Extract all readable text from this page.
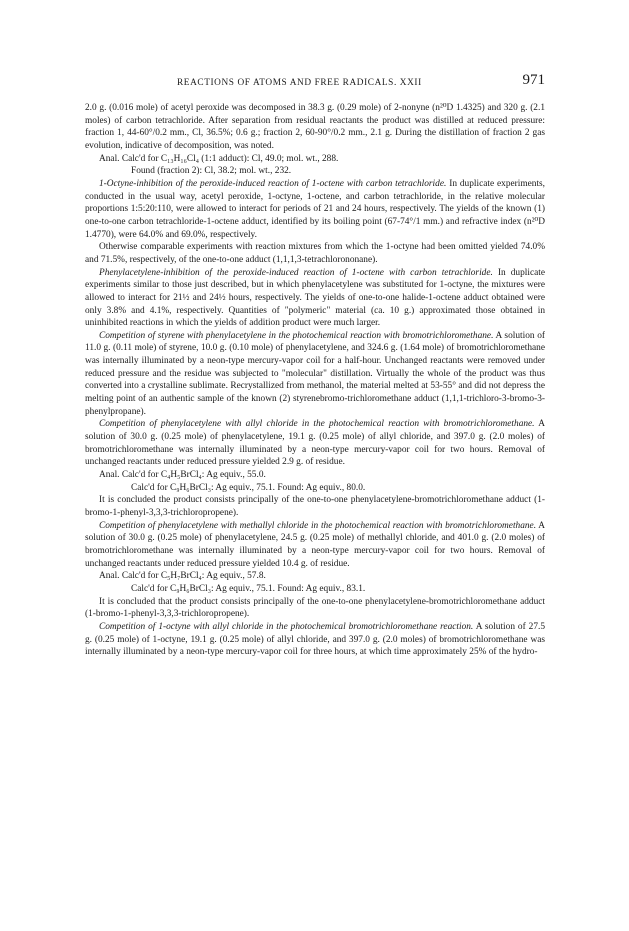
REACTIONS OF ATOMS AND FREE RADICALS. XXII	971

2.0 g. (0.016 mole) of acetyl peroxide was decomposed in 38.3 g. (0.29 mole) of 2-nonyne (n²⁰D 1.4325) and 320 g. (2.1 moles) of carbon tetrachloride. After separation from residual reactants the product was distilled at reduced pressure: fraction 1, 44-60°/0.2 mm., Cl, 36.5%; 0.6 g.; fraction 2, 60-90°/0.2 mm., 2.1 g. During the distillation of fraction 2 gas evolution, indicative of decomposition, was noted.

Anal. Calc'd for C₁₃H₁₆Cl₄ (1:1 adduct): Cl, 49.0; mol. wt., 288.

Found (fraction 2): Cl, 38.2; mol. wt., 232.

1-Octyne-inhibition of the peroxide-induced reaction of 1-octene with carbon tetrachloride. In duplicate experiments, conducted in the usual way, acetyl peroxide, 1-octyne, 1-octene, and carbon tetrachloride, in the relative molecular proportions 1:5:20:110, were allowed to interact for periods of 21 and 24 hours, respectively. The yields of the known (1) one-to-one carbon tetrachloride-1-octene adduct, identified by its boiling point (67-74°/1 mm.) and refractive index (n²⁰D 1.4770), were 64.0% and 69.0%, respectively.

Otherwise comparable experiments with reaction mixtures from which the 1-octyne had been omitted yielded 74.0% and 71.5%, respectively, of the one-to-one adduct (1,1,1,3-tetrachlorononane).

Phenylacetylene-inhibition of the peroxide-induced reaction of 1-octene with carbon tetrachloride. In duplicate experiments similar to those just described, but in which phenylacetylene was substituted for 1-octyne, the mixtures were allowed to interact for 21½ and 24½ hours, respectively. The yields of one-to-one halide-1-octene adduct obtained were only 3.8% and 4.1%, respectively. Quantities of "polymeric" material (ca. 10 g.) approximated those obtained in uninhibited reactions in which the yields of addition product were much larger.

Competition of styrene with phenylacetylene in the photochemical reaction with bromotrichloromethane. A solution of 11.0 g. (0.11 mole) of styrene, 10.0 g. (0.10 mole) of phenylacetylene, and 324.6 g. (1.64 mole) of bromotrichloromethane was internally illuminated by a neon-type mercury-vapor coil for a half-hour. Unchanged reactants were removed under reduced pressure and the residue was subjected to "molecular" distillation. Virtually the whole of the product was thus converted into a crystalline sublimate. Recrystallized from methanol, the material melted at 53-55° and did not depress the melting point of an authentic sample of the known (2) styrenebromo-trichloromethane adduct (1,1,1-trichloro-3-bromo-3-phenylpropane).

Competition of phenylacetylene with allyl chloride in the photochemical reaction with bromotrichloromethane. A solution of 30.0 g. (0.25 mole) of phenylacetylene, 19.1 g. (0.25 mole) of allyl chloride, and 397.0 g. (2.0 moles) of bromotrichloromethane was internally illuminated by a neon-type mercury-vapor coil for two hours. Removal of unchanged reactants under reduced pressure yielded 2.9 g. of residue.

Anal. Calc'd for C₄H₅BrCl₄: Ag equiv., 55.0.

Calc'd for C₉H₆BrCl₃: Ag equiv., 75.1. Found: Ag equiv., 80.0.

It is concluded the product consists principally of the one-to-one phenylacetylene-bromotrichloromethane adduct (1-bromo-1-phenyl-3,3,3-trichloropropene).

Competition of phenylacetylene with methallyl chloride in the photochemical reaction with bromotrichloromethane. A solution of 30.0 g. (0.25 mole) of phenylacetylene, 24.5 g. (0.25 mole) of methallyl chloride, and 401.0 g. (2.0 moles) of bromotrichloromethane was internally illuminated by a neon-type mercury-vapor coil for two hours. Removal of unchanged reactants under reduced pressure yielded 10.4 g. of residue.

Anal. Calc'd for C₅H₇BrCl₄: Ag equiv., 57.8.

Calc'd for C₉H₆BrCl₃: Ag equiv., 75.1. Found: Ag equiv., 83.1.

It is concluded that the product consists principally of the one-to-one phenylacetylene-bromotrichloromethane adduct (1-bromo-1-phenyl-3,3,3-trichloropropene).

Competition of 1-octyne with allyl chloride in the photochemical bromotrichloromethane reaction. A solution of 27.5 g. (0.25 mole) of 1-octyne, 19.1 g. (0.25 mole) of allyl chloride, and 397.0 g. (2.0 moles) of bromotrichloromethane was internally illuminated by a neon-type mercury-vapor coil for three hours, at which time approximately 25% of the hydro-
